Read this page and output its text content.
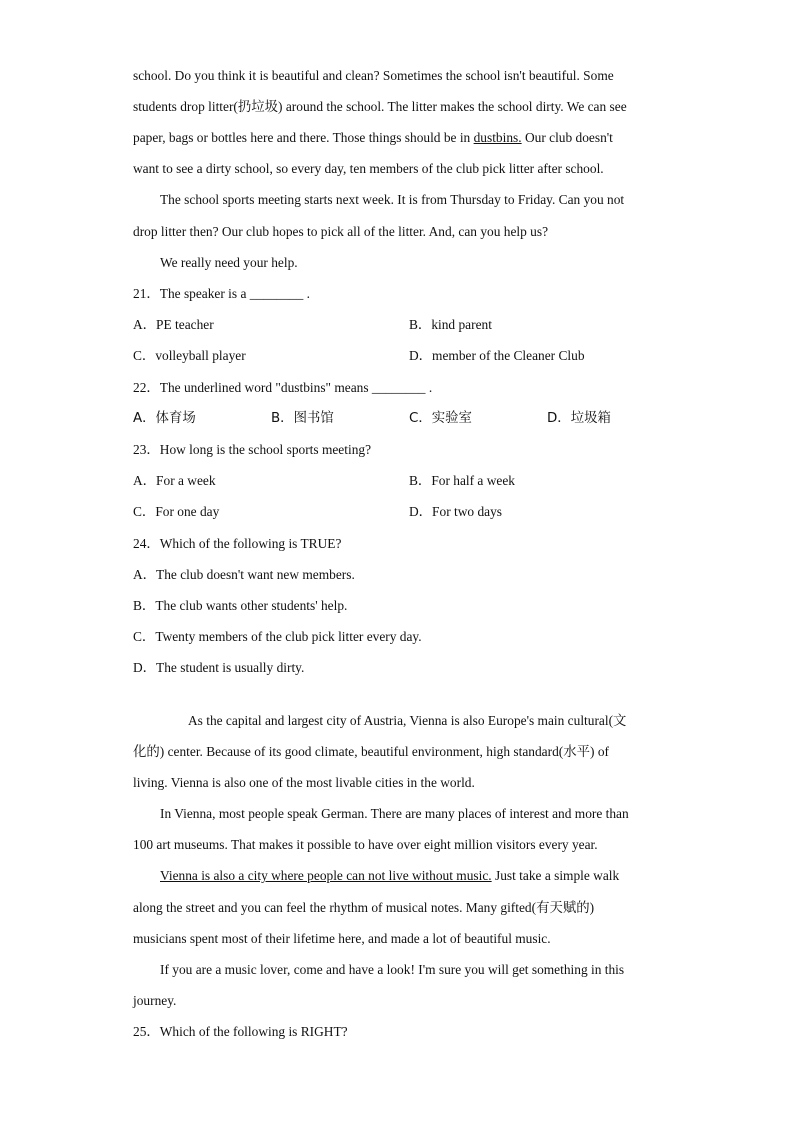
school. Do you think it is beautiful and clean? Sometimes the school isn't beautiful. Some
students drop litter(扔垃圾) around the school. The litter makes the school dirty. We can see
paper, bags or bottles here and there. Those things should be in dustbins. Our club doesn't
want to see a dirty school, so every day, ten members of the club pick litter after school.
The school sports meeting starts next week. It is from Thursday to Friday. Can you not
drop litter then? Our club hopes to pick all of the litter. And, can you help us?
We really need your help.
21．The speaker is a ________ .
A．PE teacher	B．kind parent
C．volleyball player	D．member of the Cleaner Club
22．The underlined word "dustbins" means ________ .
A．体育场	B．图书馆	C．实验室	D．垃圾箱
23．How long is the school sports meeting?
A．For a week	B．For half a week
C．For one day	D．For two days
24．Which of the following is TRUE?
A．The club doesn't want new members.
B．The club wants other students' help.
C．Twenty members of the club pick litter every day.
D．The student is usually dirty.
As the capital and largest city of Austria, Vienna is also Europe's main cultural(文
化的) center. Because of its good climate, beautiful environment, high standard(水平) of
living. Vienna is also one of the most livable cities in the world.
In Vienna, most people speak German. There are many places of interest and more than
100 art museums. That makes it possible to have over eight million visitors every year.
Vienna is also a city where people can not live without music. Just take a simple walk
along the street and you can feel the rhythm of musical notes. Many gifted(有天赋的)
musicians spent most of their lifetime here, and made a lot of beautiful music.
If you are a music lover, come and have a look! I'm sure you will get something in this
journey.
25．Which of the following is RIGHT?
